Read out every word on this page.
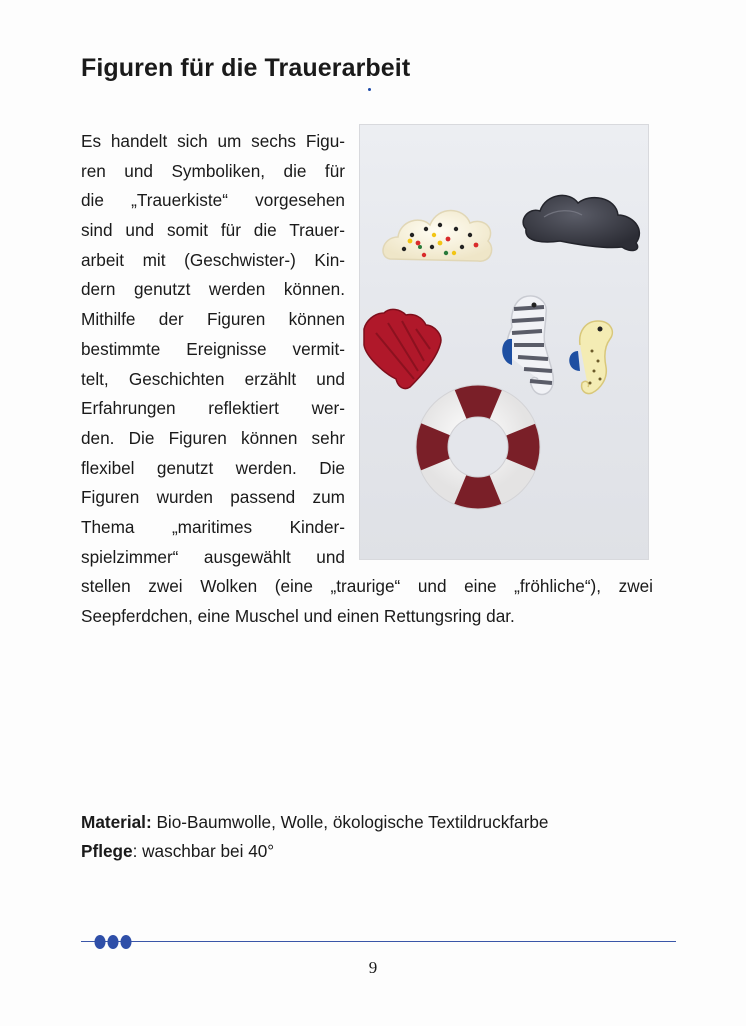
Figuren für die Trauerarbeit
Es handelt sich um sechs Figu-
ren und Symboliken, die für
die „Trauerkiste“ vorgesehen
sind und somit für die Trauer-
arbeit mit (Geschwister-) Kin-
dern genutzt werden können.
Mithilfe der Figuren können
bestimmte Ereignisse vermit-
telt, Geschichten erzählt und
Erfahrungen reflektiert wer-
den. Die Figuren können sehr
flexibel genutzt werden. Die
Figuren wurden passend zum
Thema „maritimes Kinder-
spielzimmer“ ausgewählt und
stellen zwei Wolken (eine „traurige“ und eine „fröhliche“), zwei
Seepferdchen, eine Muschel und einen Rettungsring dar.
Material: Bio-Baumwolle, Wolle, ökologische Textildruckfarbe
Pflege: waschbar bei 40°
9
